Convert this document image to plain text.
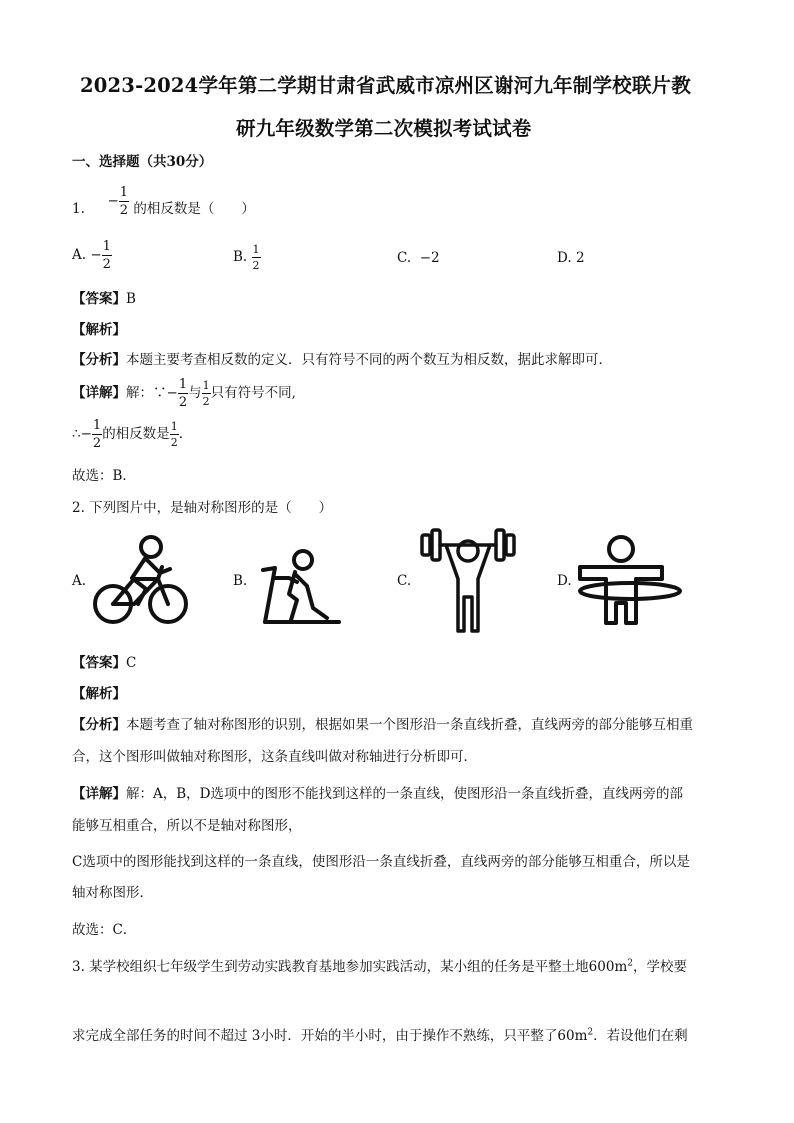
2023-2024学年第二学期甘肃省武威市凉州区谢河九年制学校联片教
研九年级数学第二次模拟考试试卷
一、选择题（共30分）
1. − $\frac{1}{2}$ 的相反数是（　　）
A. − $\frac{1}{2}$	B. $\frac{1}{2}$	C. −2	D. 2
【答案】B
【解析】
【分析】本题主要考查相反数的定义．只有符号不同的两个数互为相反数，据此求解即可．
【详解】解：∵− $\frac{1}{2}$ 与 $\frac{1}{2}$ 只有符号不同,
∴− $\frac{1}{2}$ 的相反数是 $\frac{1}{2}$ ．
故选：B．
2. 下列图片中，是轴对称图形的是（　　）
A.	B.	C.	D.
【答案】C
【解析】
【分析】本题考查了轴对称图形的识别，根据如果一个图形沿一条直线折叠，直线两旁的部分能够互相重
合，这个图形叫做轴对称图形，这条直线叫做对称轴进行分析即可．
【详解】解：A，B，D选项中的图形不能找到这样的一条直线，使图形沿一条直线折叠，直线两旁的部
能够互相重合，所以不是轴对称图形，
C选项中的图形能找到这样的一条直线，使图形沿一条直线折叠，直线两旁的部分能够互相重合，所以是
轴对称图形．
故选：C．
3. 某学校组织七年级学生到劳动实践教育基地参加实践活动，某小组的任务是平整土地$600m^2$，学校要
求完成全部任务的时间不超过 3小时．开始的半小时，由于操作不熟练，只平整了$60m^2$．若设他们在剩
